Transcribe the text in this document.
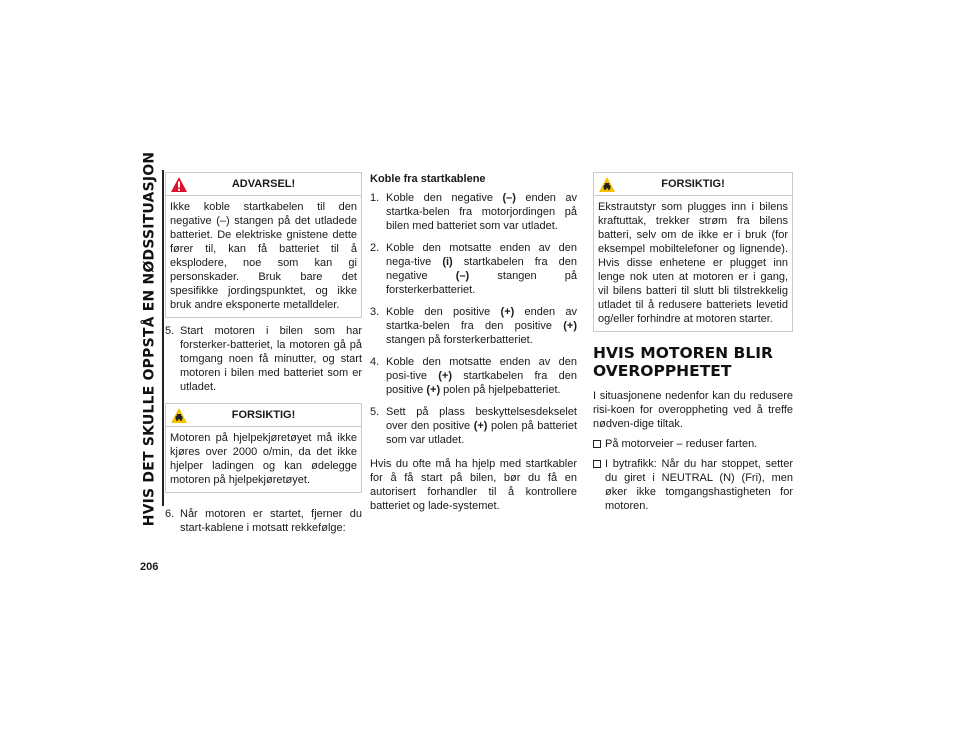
HVIS DET SKULLE OPPSTÅ EN NØDSSITUASJON
206
ADVARSEL!
Ikke koble startkabelen til den negative (–) stangen på det utladede batteriet. De elektriske gnistene dette fører til, kan få batteriet til å eksplodere, noe som kan gi personskader. Bruk bare det spesifikke jordingspunktet, og ikke bruk andre eksponerte metalldeler.
5. Start motoren i bilen som har forsterker-batteriet, la motoren gå på tomgang noen få minutter, og start motoren i bilen med batteriet som er utladet.
FORSIKTIG!
Motoren på hjelpekjøretøyet må ikke kjøres over 2000 o/min, da det ikke hjelper ladingen og kan ødelegge motoren på hjelpekjøretøyet.
6. Når motoren er startet, fjerner du start-kablene i motsatt rekkefølge:
Koble fra startkablene
1. Koble den negative (–) enden av startka-belen fra motorjordingen på bilen med batteriet som var utladet.
2. Koble den motsatte enden av den nega-tive (i) startkabelen fra den negative (–) stangen på forsterkerbatteriet.
3. Koble den positive (+) enden av startka-belen fra den positive (+) stangen på forsterkerbatteriet.
4. Koble den motsatte enden av den posi-tive (+) startkabelen fra den positive (+) polen på hjelpebatteriet.
5. Sett på plass beskyttelsesdekselet over den positive (+) polen på batteriet som var utladet.
Hvis du ofte må ha hjelp med startkabler for å få start på bilen, bør du få en autorisert forhandler til å kontrollere batteriet og lade-systemet.
FORSIKTIG!
Ekstrautstyr som plugges inn i bilens kraftuttak, trekker strøm fra bilens batteri, selv om de ikke er i bruk (for eksempel mobiltelefoner og lignende). Hvis disse enhetene er plugget inn lenge nok uten at motoren er i gang, vil bilens batteri til slutt bli tilstrekkelig utladet til å redusere batteriets levetid og/eller forhindre at motoren starter.
HVIS MOTOREN BLIR
OVEROPPHETET
I situasjonene nedenfor kan du redusere risi-koen for overoppheting ved å treffe nødven-dige tiltak.
På motorveier – reduser farten.
I bytrafikk: Når du har stoppet, setter du giret i NEUTRAL (N) (Fri), men øker ikke tomgangshastigheten for motoren.
